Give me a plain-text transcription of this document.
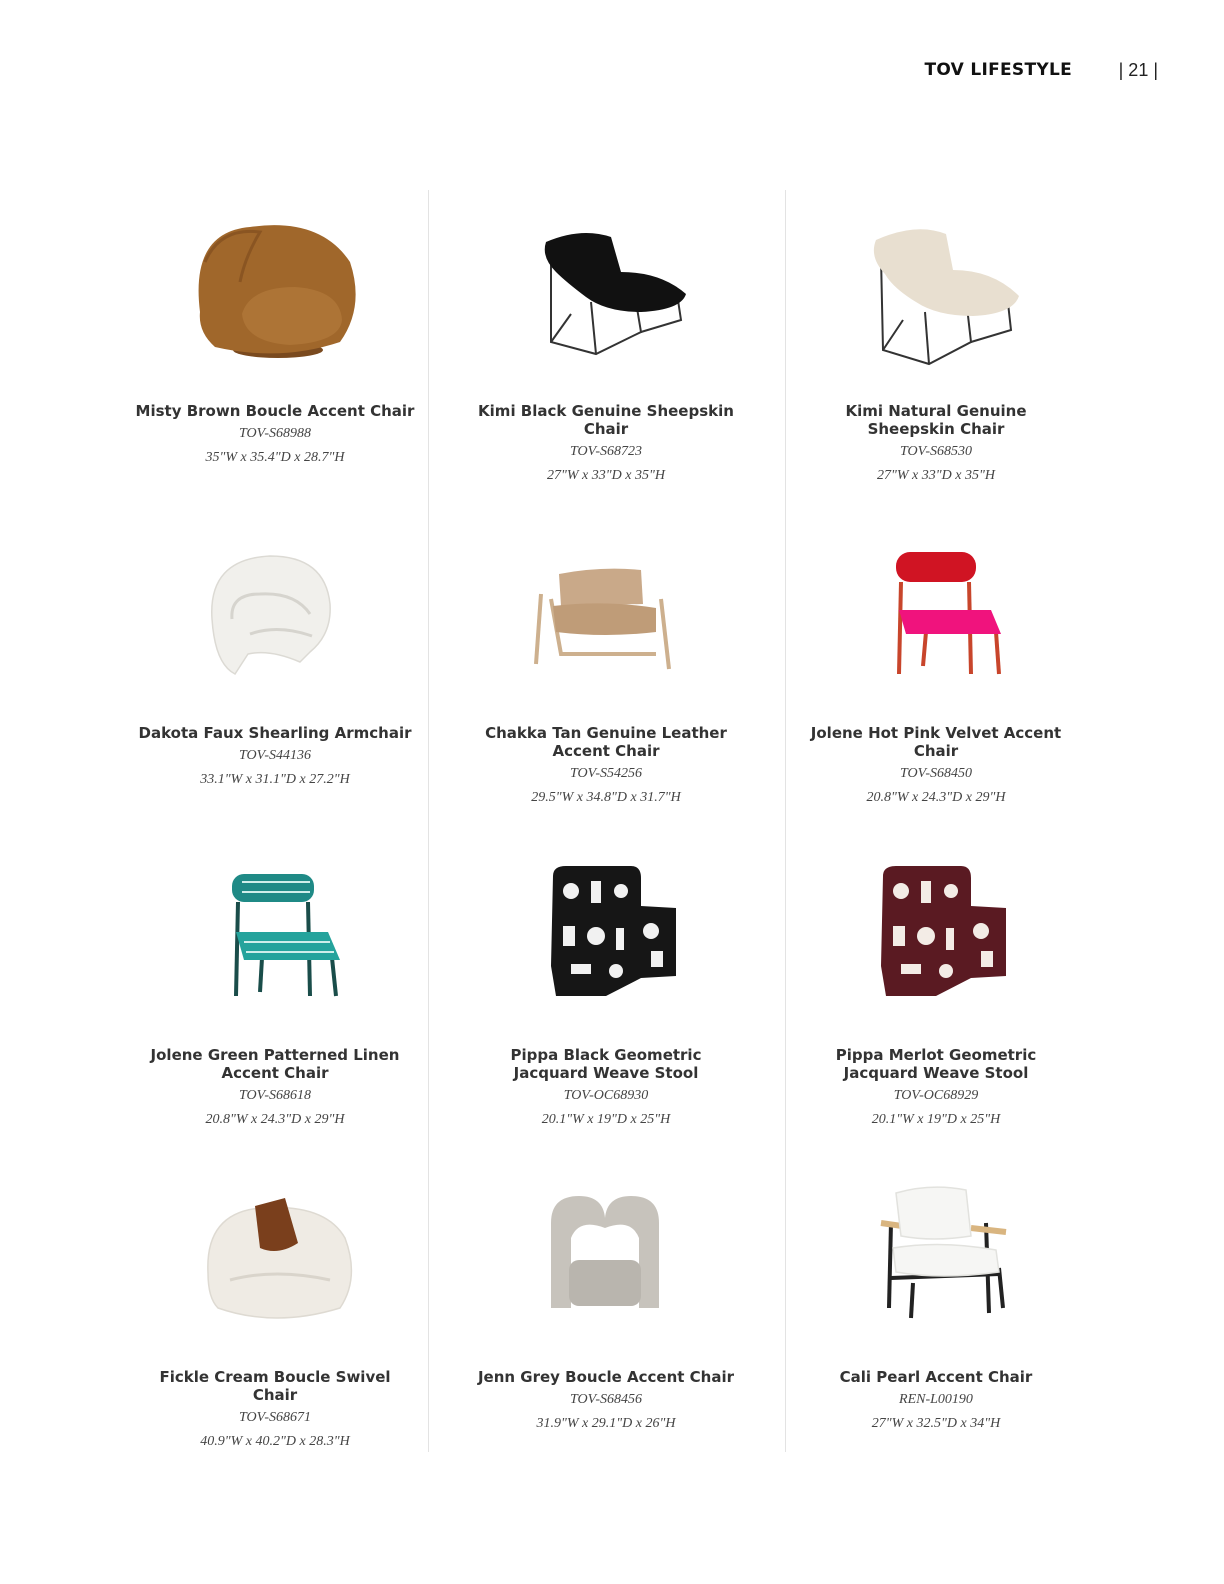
TOV LIFESTYLE	| 21 |
Misty Brown Boucle Accent Chair
TOV-S68988
35"W x 35.4"D x 28.7"H
Kimi Black Genuine Sheepskin
Chair
TOV-S68723
27"W x 33"D x 35"H
Kimi Natural Genuine
Sheepskin Chair
TOV-S68530
27"W x 33"D x 35"H
Dakota Faux Shearling Armchair
TOV-S44136
33.1"W x 31.1"D x 27.2"H
Chakka Tan Genuine Leather
Accent Chair
TOV-S54256
29.5"W x 34.8"D x 31.7"H
Jolene Hot Pink Velvet Accent
Chair
TOV-S68450
20.8"W x 24.3"D x 29"H
Jolene Green Patterned Linen
Accent Chair
TOV-S68618
20.8"W x 24.3"D x 29"H
Pippa Black Geometric
Jacquard Weave Stool
TOV-OC68930
20.1"W x 19"D x 25"H
Pippa Merlot Geometric
Jacquard Weave Stool
TOV-OC68929
20.1"W x 19"D x 25"H
Fickle Cream Boucle Swivel
Chair
TOV-S68671
40.9"W x 40.2"D x 28.3"H
Jenn Grey Boucle Accent Chair
TOV-S68456
31.9"W x 29.1"D x 26"H
Cali Pearl Accent Chair
REN-L00190
27"W x 32.5"D x 34"H
